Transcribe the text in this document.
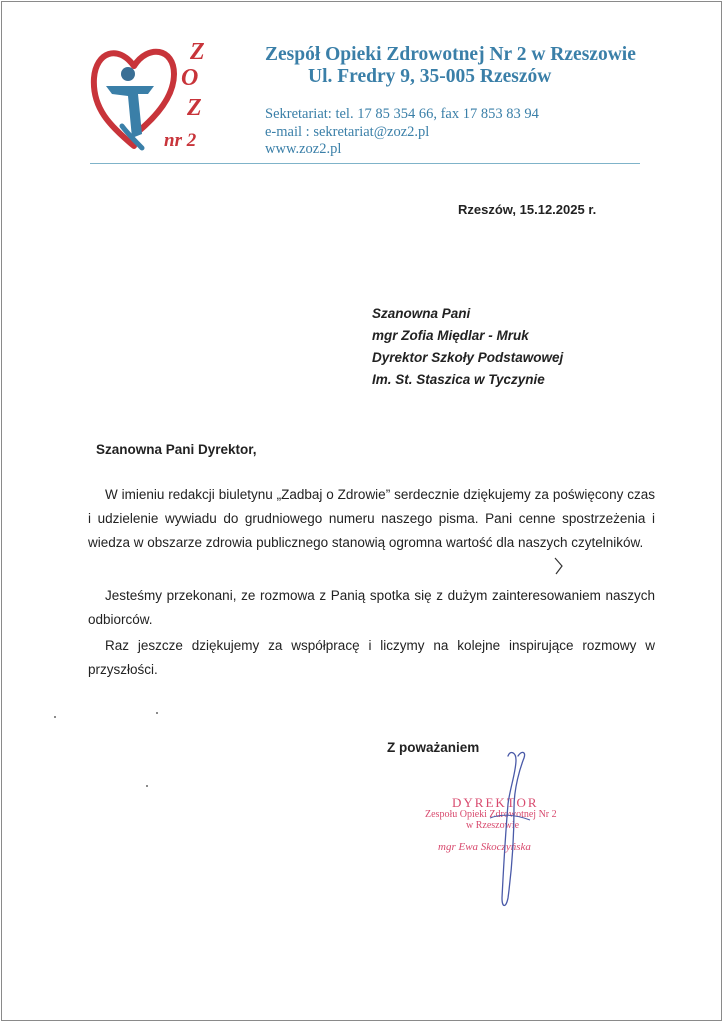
Z
O
Z
nr 2
Zespół Opieki Zdrowotnej Nr 2 w Rzeszowie
Ul. Fredry 9, 35-005 Rzeszów
Sekretariat: tel. 17 85 354 66, fax 17 853 83 94
e-mail : sekretariat@zoz2.pl
www.zoz2.pl
Rzeszów, 15.12.2025 r.
Szanowna Pani
mgr Zofia Międlar - Mruk
Dyrektor Szkoły Podstawowej
Im. St. Staszica w Tyczynie
Szanowna Pani Dyrektor,

W imieniu redakcji biuletynu „Zadbaj o Zdrowie” serdecznie dziękujemy za poświęcony czas i udzielenie wywiadu do grudniowego numeru naszego pisma. Pani cenne spostrzeżenia i wiedza w obszarze zdrowia publicznego stanowią ogromna wartość dla naszych czytelników.

Jesteśmy przekonani, ze rozmowa z Panią spotka się z dużym zainteresowaniem naszych odbiorców.

Raz jeszcze dziękujemy za współpracę i liczymy na kolejne inspirujące rozmowy w przyszłości.

Z poważaniem
DYREKTOR
Zespołu Opieki Zdrowotnej Nr 2
w Rzeszowie
mgr Ewa Skoczyńska
